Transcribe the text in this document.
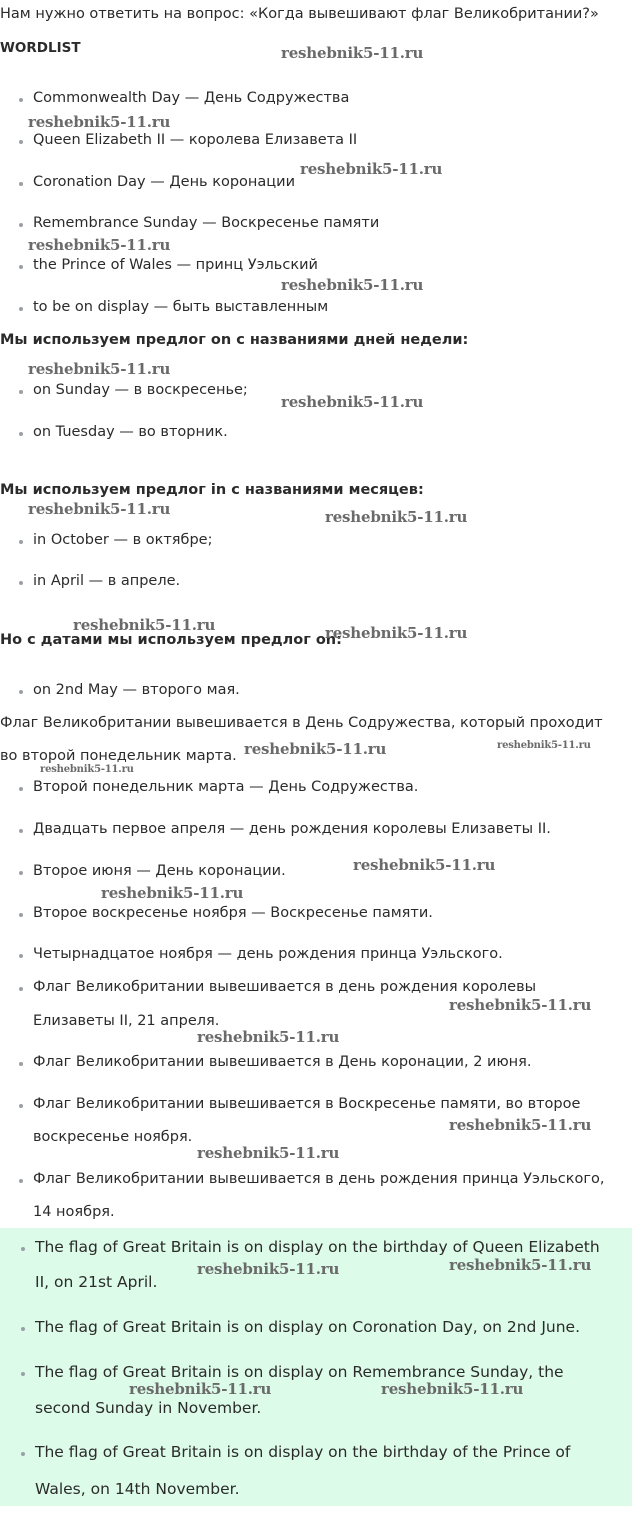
Нам нужно ответить на вопрос: «Когда вывешивают флаг Великобритании?»
WORDLIST
Commonwealth Day — День Содружества
Queen Elizabeth II — королева Елизавета II
Coronation Day — День коронации
Remembrance Sunday — Воскресенье памяти
the Prince of Wales — принц Уэльский
to be on display — быть выставленным
Мы используем предлог on с названиями дней недели:
on Sunday — в воскресенье;
on Tuesday — во вторник.
Мы используем предлог in с названиями месяцев:
in October — в октябре;
in April — в апреле.
Но с датами мы используем предлог on:
on 2nd May — второго мая.
Флаг Великобритании вывешивается в День Содружества, который проходит
во второй понедельник марта.
Второй понедельник марта — День Содружества.
Двадцать первое апреля — день рождения королевы Елизаветы II.
Второе июня — День коронации.
Второе воскресенье ноября — Воскресенье памяти.
Четырнадцатое ноября — день рождения принца Уэльского.
Флаг Великобритании вывешивается в день рождения королевы
Елизаветы II, 21 апреля.
Флаг Великобритании вывешивается в День коронации, 2 июня.
Флаг Великобритании вывешивается в Воскресенье памяти, во второе
воскресенье ноября.
Флаг Великобритании вывешивается в день рождения принца Уэльского,
14 ноября.
The flag of Great Britain is on display on the birthday of Queen Elizabeth
II, on 21st April.
The flag of Great Britain is on display on Coronation Day, on 2nd June.
The flag of Great Britain is on display on Remembrance Sunday, the
second Sunday in November.
The flag of Great Britain is on display on the birthday of the Prince of
Wales, on 14th November.
reshebnik5-11.ru
reshebnik5-11.ru
reshebnik5-11.ru
reshebnik5-11.ru
reshebnik5-11.ru
reshebnik5-11.ru
reshebnik5-11.ru
reshebnik5-11.ru	reshebnik5-11.ru
reshebnik5-11.ru	reshebnik5-11.ru
reshebnik5-11.ru	reshebnik5-11.ru
reshebnik5-11.ru
reshebnik5-11.ru
reshebnik5-11.ru
reshebnik5-11.ru
reshebnik5-11.ru
reshebnik5-11.ru
reshebnik5-11.ru
reshebnik5-11.ru	reshebnik5-11.ru
reshebnik5-11.ru	reshebnik5-11.ru
